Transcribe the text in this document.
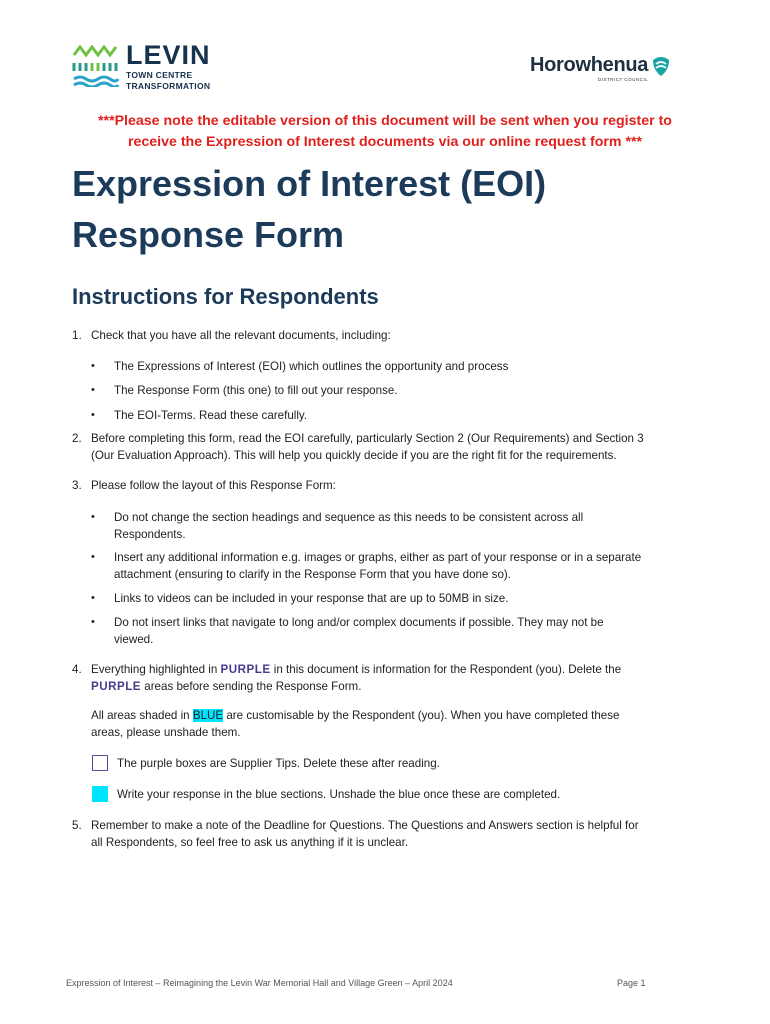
LEVIN
TOWN CENTRE
TRANSFORMATION
Horowhenua
DISTRICT COUNCIL
***Please note the editable version of this document will be sent when you register to
receive the Expression of Interest documents via our online request form ***
Expression of Interest (EOI)
Response Form
Instructions for Respondents
1. Check that you have all the relevant documents, including:
• The Expressions of Interest (EOI) which outlines the opportunity and process
• The Response Form (this one) to fill out your response.
• The EOI-Terms. Read these carefully.
2. Before completing this form, read the EOI carefully, particularly Section 2 (Our Requirements) and Section 3
(Our Evaluation Approach). This will help you quickly decide if you are the right fit for the requirements.
3. Please follow the layout of this Response Form:
• Do not change the section headings and sequence as this needs to be consistent across all
Respondents.
• Insert any additional information e.g. images or graphs, either as part of your response or in a separate
attachment (ensuring to clarify in the Response Form that you have done so).
• Links to videos can be included in your response that are up to 50MB in size.
• Do not insert links that navigate to long and/or complex documents if possible. They may not be
viewed.
4. Everything highlighted in PURPLE in this document is information for the Respondent (you). Delete the
PURPLE areas before sending the Response Form.
All areas shaded in BLUE are customisable by the Respondent (you). When you have completed these
areas, please unshade them.
The purple boxes are Supplier Tips. Delete these after reading.
Write your response in the blue sections. Unshade the blue once these are completed.
5. Remember to make a note of the Deadline for Questions. The Questions and Answers section is helpful for
all Respondents, so feel free to ask us anything if it is unclear.
Expression of Interest – Reimagining the Levin War Memorial Hall and Village Green – April 2024	Page 1
